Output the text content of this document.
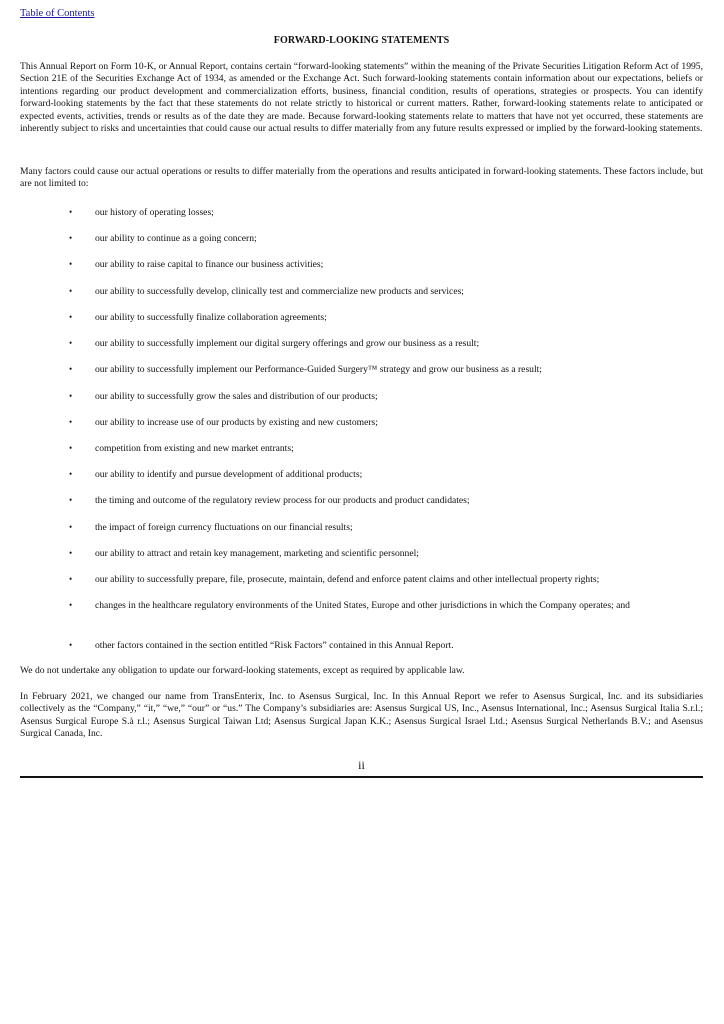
Table of Contents
FORWARD-LOOKING STATEMENTS

This Annual Report on Form 10-K, or Annual Report, contains certain “forward-looking statements” within the meaning of the Private Securities Litigation Reform Act of 1995, Section 21E of the Securities Exchange Act of 1934, as amended or the Exchange Act. Such forward-looking statements contain information about our expectations, beliefs or intentions regarding our product development and commercialization efforts, business, financial condition, results of operations, strategies or prospects. You can identify forward-looking statements by the fact that these statements do not relate strictly to historical or current matters. Rather, forward-looking statements relate to anticipated or expected events, activities, trends or results as of the date they are made. Because forward-looking statements relate to matters that have not yet occurred, these statements are inherently subject to risks and uncertainties that could cause our actual results to differ materially from any future results expressed or implied by the forward-looking statements.

Many factors could cause our actual operations or results to differ materially from the operations and results anticipated in forward-looking statements. These factors include, but are not limited to:

• our history of operating losses;
• our ability to continue as a going concern;
• our ability to raise capital to finance our business activities;
• our ability to successfully develop, clinically test and commercialize new products and services;
• our ability to successfully finalize collaboration agreements;
• our ability to successfully implement our digital surgery offerings and grow our business as a result;
• our ability to successfully implement our Performance-Guided Surgery™ strategy and grow our business as a result;
• our ability to successfully grow the sales and distribution of our products;
• our ability to increase use of our products by existing and new customers;
• competition from existing and new market entrants;
• our ability to identify and pursue development of additional products;
• the timing and outcome of the regulatory review process for our products and product candidates;
• the impact of foreign currency fluctuations on our financial results;
• our ability to attract and retain key management, marketing and scientific personnel;
• our ability to successfully prepare, file, prosecute, maintain, defend and enforce patent claims and other intellectual property rights;
• changes in the healthcare regulatory environments of the United States, Europe and other jurisdictions in which the Company operates; and
• other factors contained in the section entitled “Risk Factors” contained in this Annual Report.

We do not undertake any obligation to update our forward-looking statements, except as required by applicable law.

In February 2021, we changed our name from TransEnterix, Inc. to Asensus Surgical, Inc. In this Annual Report we refer to Asensus Surgical, Inc. and its subsidiaries collectively as the “Company,” “it,” “we,” “our” or “us.” The Company’s subsidiaries are: Asensus Surgical US, Inc., Asensus International, Inc.; Asensus Surgical Italia S.r.l.; Asensus Surgical Europe S.à r.l.; Asensus Surgical Taiwan Ltd; Asensus Surgical Japan K.K.; Asensus Surgical Israel Ltd.; Asensus Surgical Netherlands B.V.; and Asensus Surgical Canada, Inc.

ii
